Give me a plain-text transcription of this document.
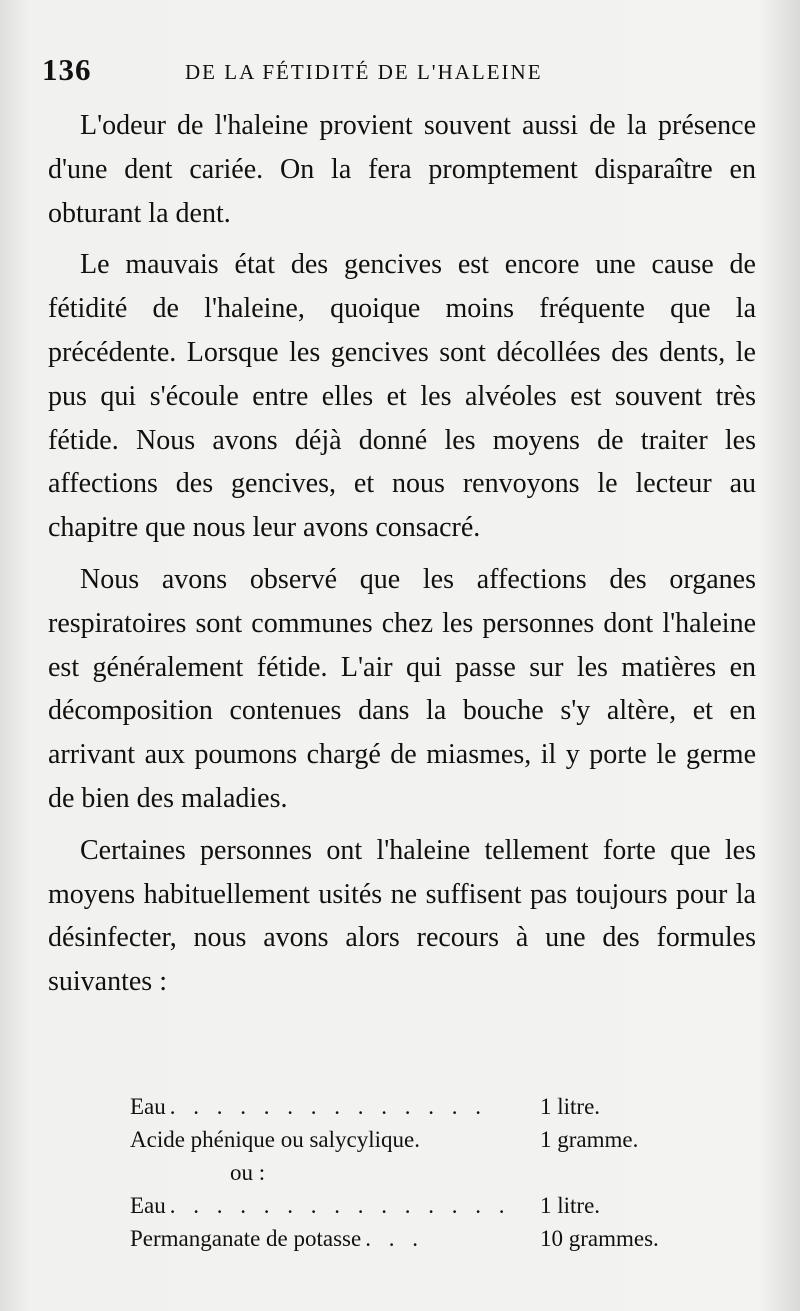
136	DE LA FÉTIDITÉ DE L'HALEINE

L'odeur de l'haleine provient souvent aussi de la présence d'une dent cariée. On la fera promptement disparaître en obturant la dent.

Le mauvais état des gencives est encore une cause de fétidité de l'haleine, quoique moins fréquente que la précédente. Lorsque les gencives sont décollées des dents, le pus qui s'écoule entre elles et les alvéoles est souvent très fétide. Nous avons déjà donné les moyens de traiter les affections des gencives, et nous renvoyons le lecteur au chapitre que nous leur avons consacré.

Nous avons observé que les affections des organes respiratoires sont communes chez les personnes dont l'haleine est généralement fétide. L'air qui passe sur les matières en décomposition contenues dans la bouche s'y altère, et en arrivant aux poumons chargé de miasmes, il y porte le germe de bien des maladies.

Certaines personnes ont l'haleine tellement forte que les moyens habituellement usités ne suffisent pas toujours pour la désinfecter, nous avons alors recours à une des formules suivantes :

Eau . . . . . . . . . . . . . .	1 litre.
Acide phénique ou salycylique.	1 gramme.
ou :
Eau . . . . . . . . . . . . . . .	1 litre.
Permanganate de potasse . . .	10 grammes.
